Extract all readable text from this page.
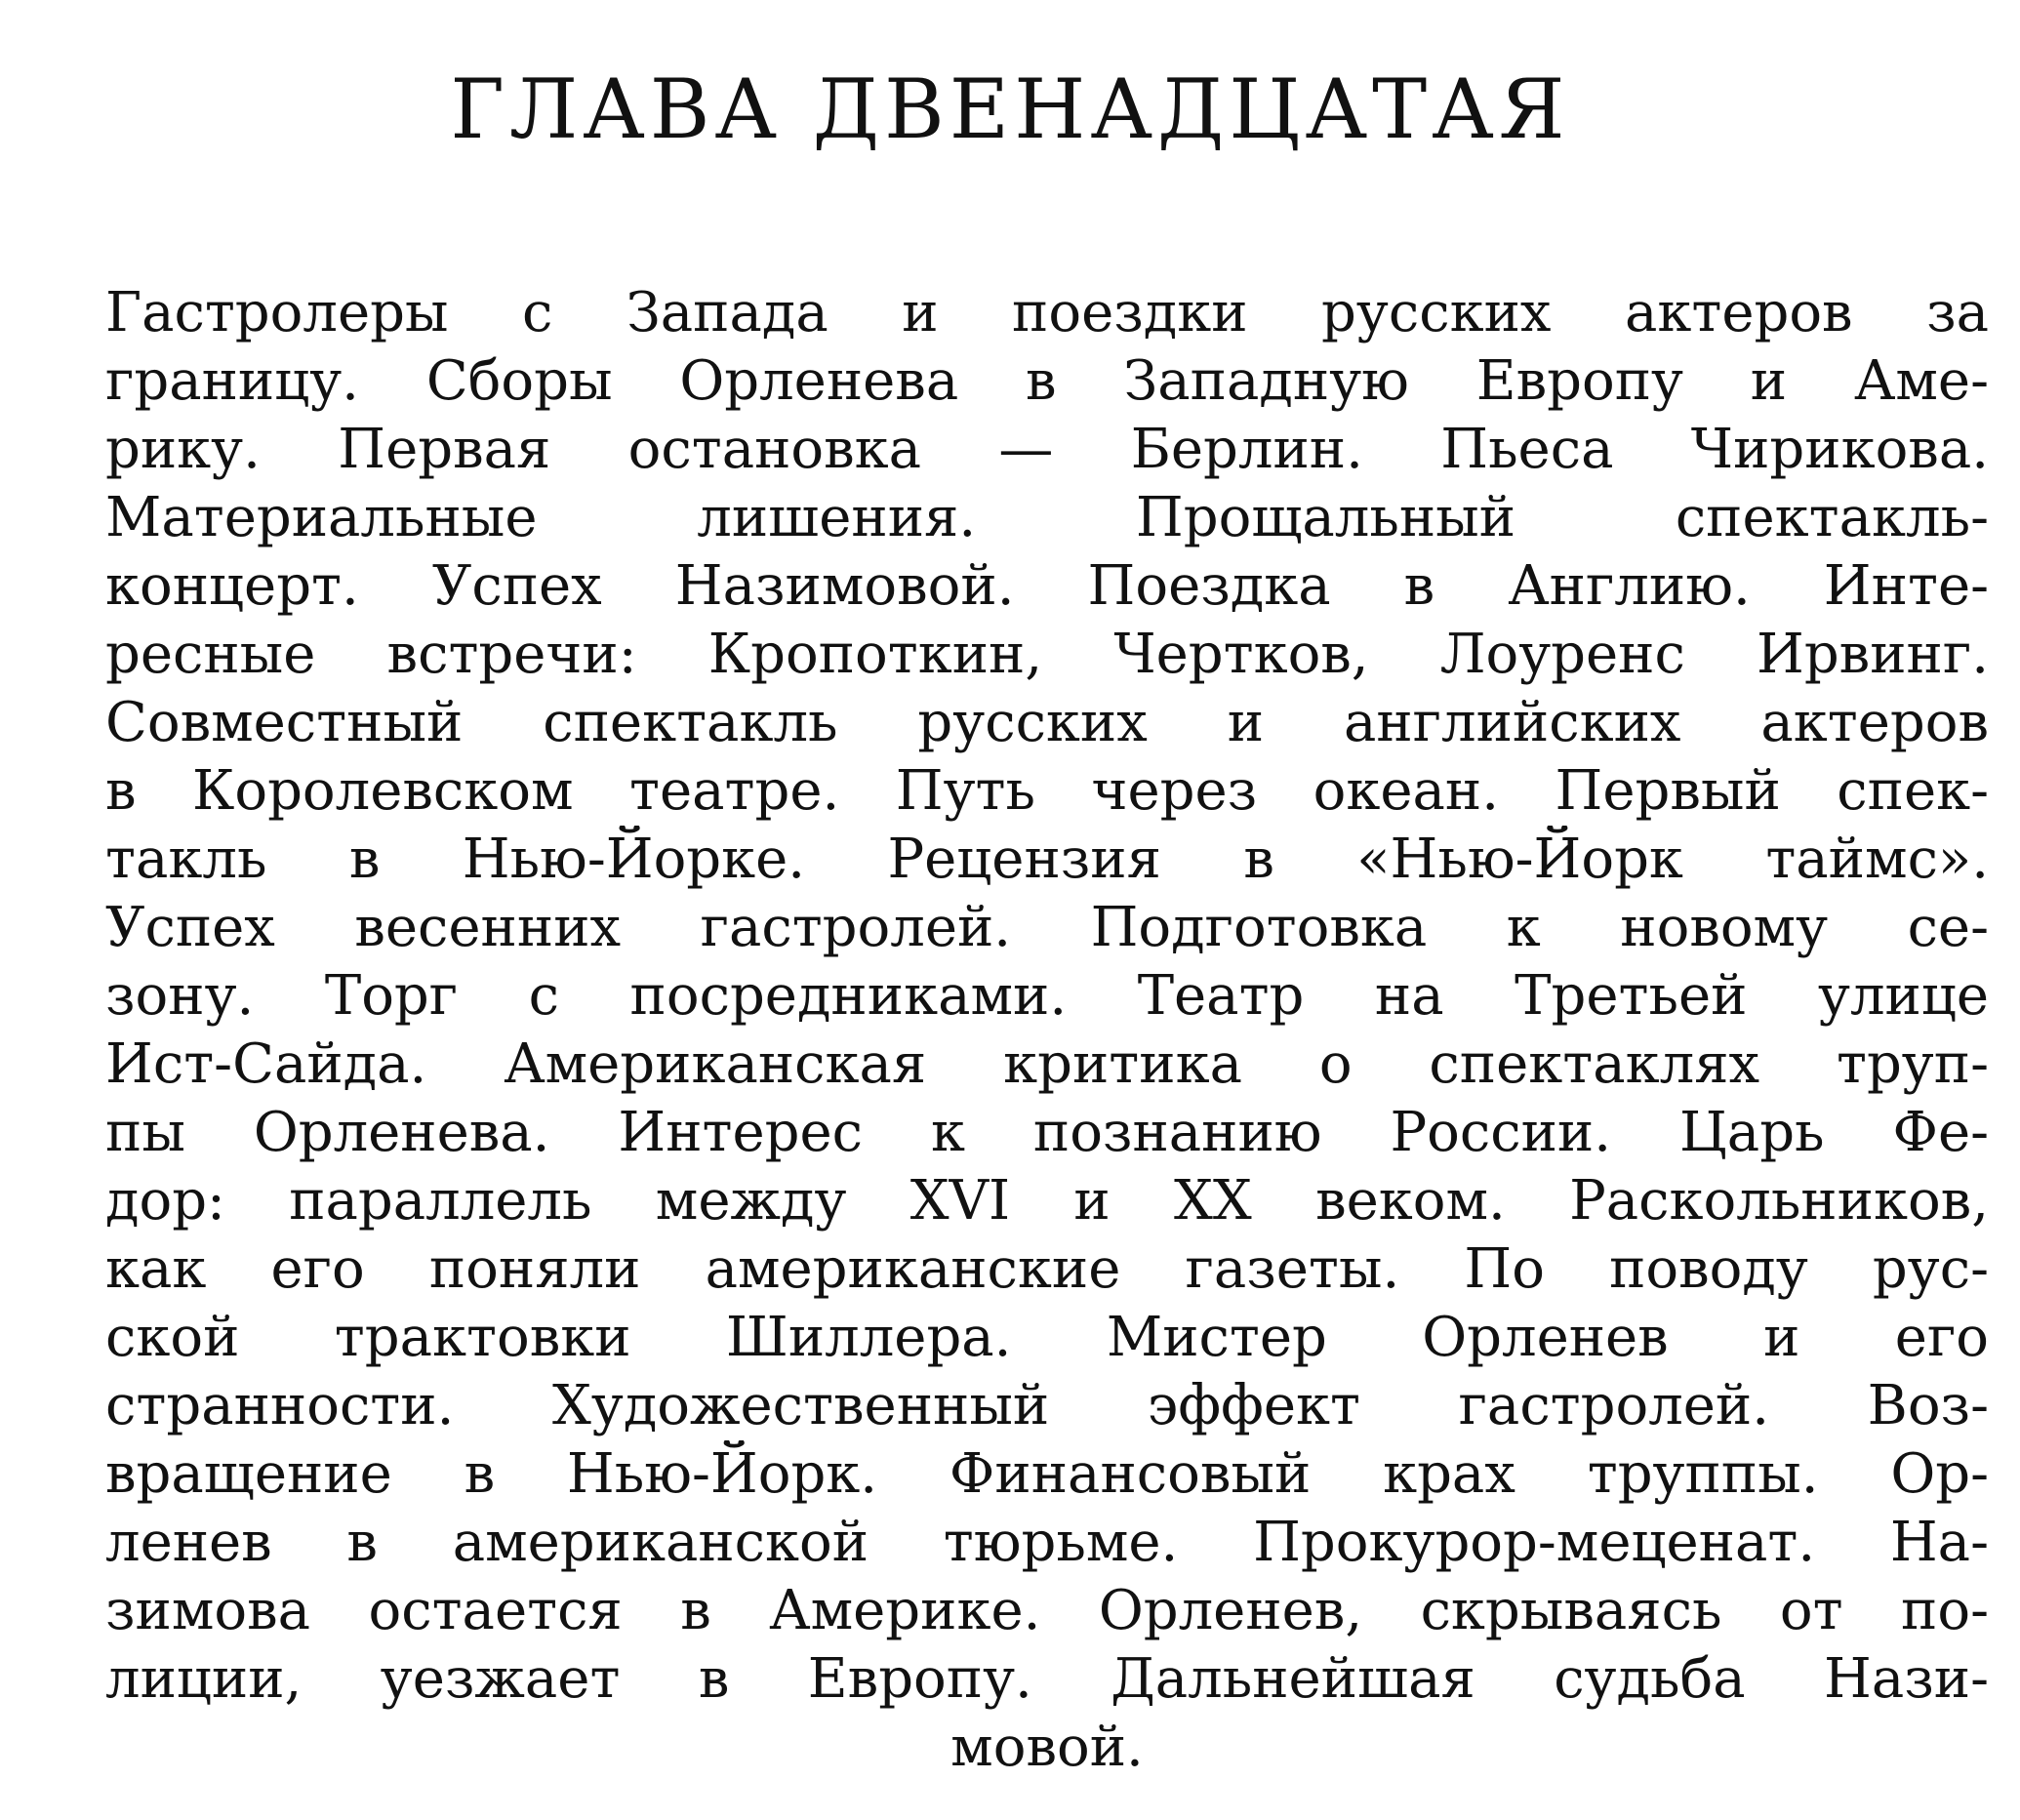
ГЛАВА ДВЕНАДЦАТАЯ
Гастролеры с Запада и поездки русских актеров за
границу. Сборы Орленева в Западную Европу и Аме-
рику. Первая остановка — Берлин. Пьеса Чирикова.
Материальные лишения. Прощальный спектакль-
концерт. Успех Назимовой. Поездка в Англию. Инте-
ресные встречи: Кропоткин, Чертков, Лоуренс Ирвинг.
Совместный спектакль русских и английских актеров
в Королевском театре. Путь через океан. Первый спек-
такль в Нью-Йорке. Рецензия в «Нью-Йорк таймс».
Успех весенних гастролей. Подготовка к новому се-
зону. Торг с посредниками. Театр на Третьей улице
Ист-Сайда. Американская критика о спектаклях труп-
пы Орленева. Интерес к познанию России. Царь Фе-
дор: параллель между XVI и XX веком. Раскольников,
как его поняли американские газеты. По поводу рус-
ской трактовки Шиллера. Мистер Орленев и его
странности. Художественный эффект гастролей. Воз-
вращение в Нью-Йорк. Финансовый крах труппы. Ор-
ленев в американской тюрьме. Прокурор-меценат. На-
зимова остается в Америке. Орленев, скрываясь от по-
лиции, уезжает в Европу. Дальнейшая судьба Нази-
мовой.
